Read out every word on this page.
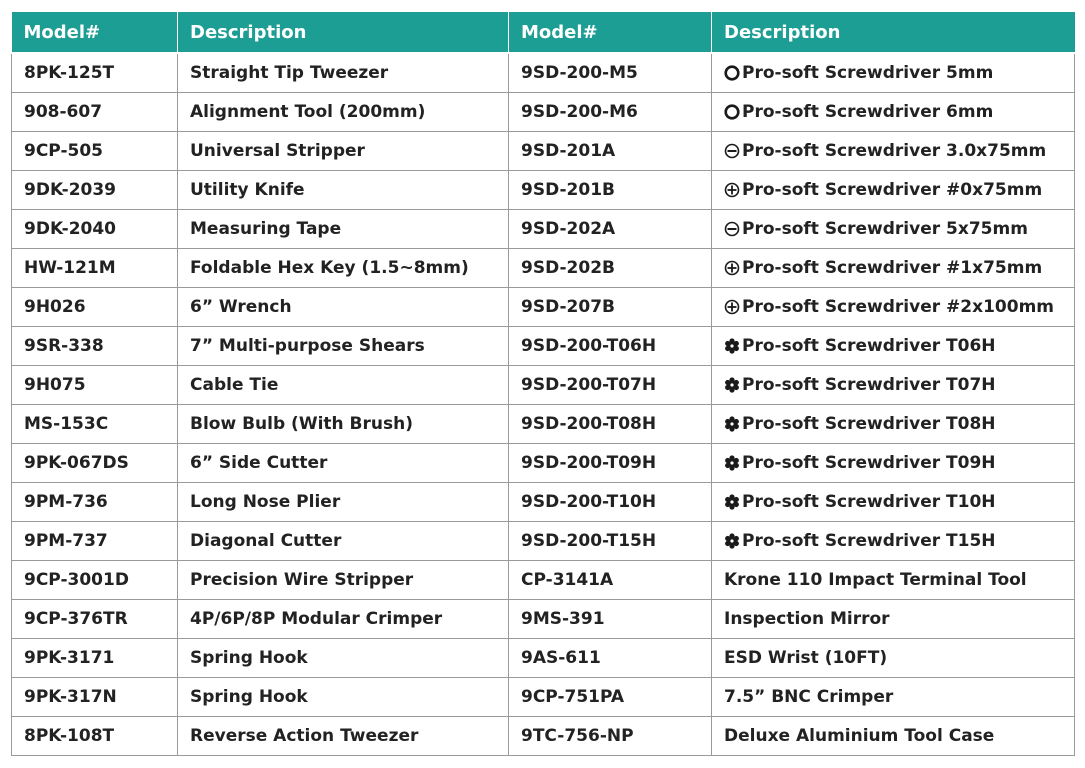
Model#	Description	Model#	Description
8PK-125T	Straight Tip Tweezer	9SD-200-M5	Pro-soft Screwdriver 5mm
908-607	Alignment Tool (200mm)	9SD-200-M6	Pro-soft Screwdriver 6mm
9CP-505	Universal Stripper	9SD-201A	Pro-soft Screwdriver 3.0x75mm
9DK-2039	Utility Knife	9SD-201B	Pro-soft Screwdriver #0x75mm
9DK-2040	Measuring Tape	9SD-202A	Pro-soft Screwdriver 5x75mm
HW-121M	Foldable Hex Key (1.5~8mm)	9SD-202B	Pro-soft Screwdriver #1x75mm
9H026	6” Wrench	9SD-207B	Pro-soft Screwdriver #2x100mm
9SR-338	7” Multi-purpose Shears	9SD-200-T06H	Pro-soft Screwdriver T06H
9H075	Cable Tie	9SD-200-T07H	Pro-soft Screwdriver T07H
MS-153C	Blow Bulb (With Brush)	9SD-200-T08H	Pro-soft Screwdriver T08H
9PK-067DS	6” Side Cutter	9SD-200-T09H	Pro-soft Screwdriver T09H
9PM-736	Long Nose Plier	9SD-200-T10H	Pro-soft Screwdriver T10H
9PM-737	Diagonal Cutter	9SD-200-T15H	Pro-soft Screwdriver T15H
9CP-3001D	Precision Wire Stripper	CP-3141A	Krone 110 Impact Terminal Tool
9CP-376TR	4P/6P/8P Modular Crimper	9MS-391	Inspection Mirror
9PK-3171	Spring Hook	9AS-611	ESD Wrist (10FT)
9PK-317N	Spring Hook	9CP-751PA	7.5” BNC Crimper
8PK-108T	Reverse Action Tweezer	9TC-756-NP	Deluxe Aluminium Tool Case
